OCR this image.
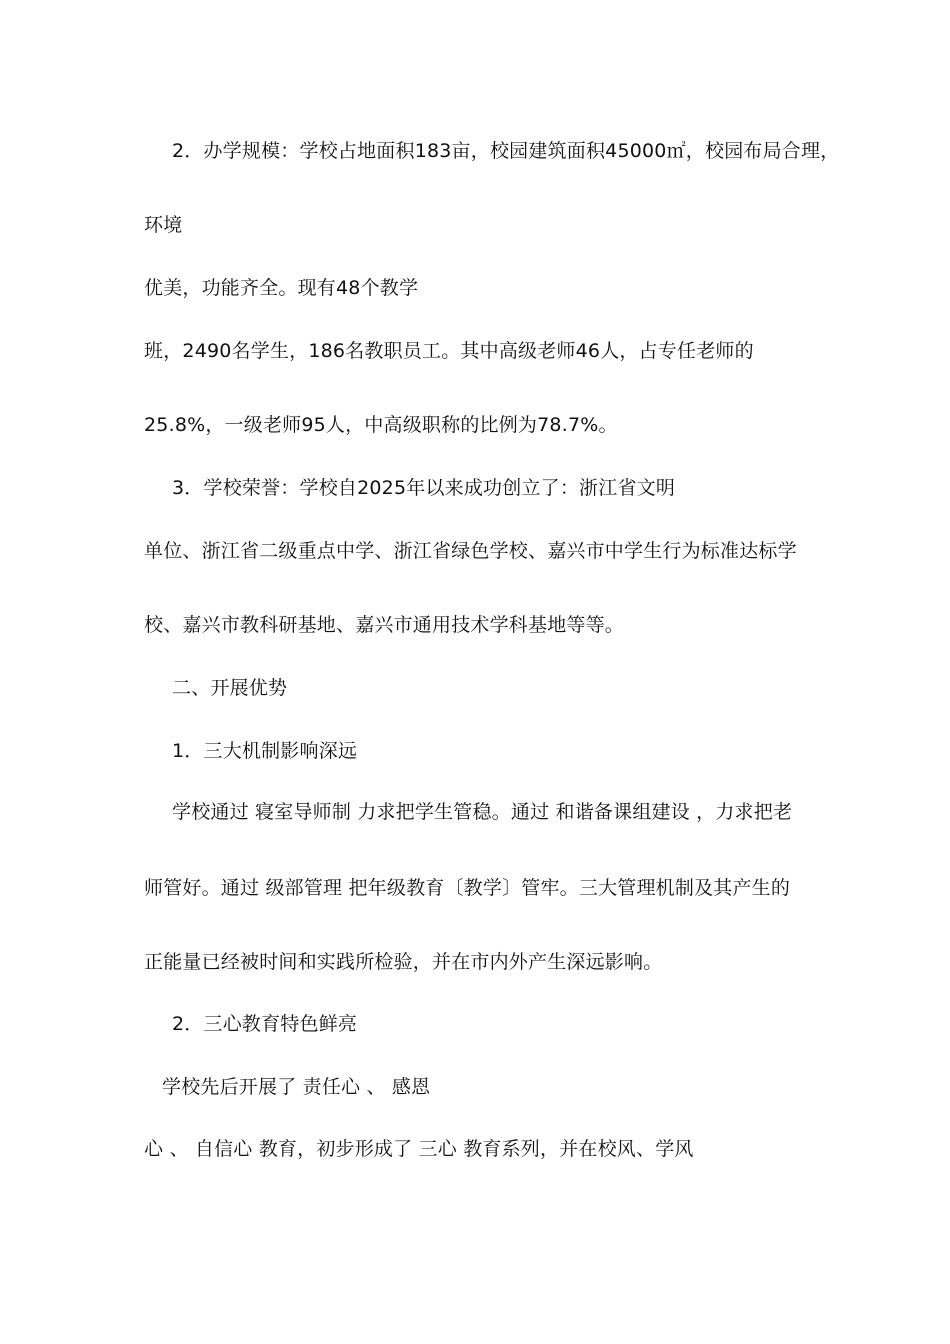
2．办学规模：学校占地面积183亩，校园建筑面积45000㎡，校园布局合理，
环境
优美，功能齐全。现有48个教学
班，2490名学生，186名教职员工。其中高级老师46人，占专任老师的
25.8%，一级老师95人，中高级职称的比例为78.7%。
3．学校荣誉：学校自2025年以来成功创立了：浙江省文明
单位、浙江省二级重点中学、浙江省绿色学校、嘉兴市中学生行为标准达标学
校、嘉兴市教科研基地、嘉兴市通用技术学科基地等等。
二、开展优势
1．三大机制影响深远
学校通过 寝室导师制 力求把学生管稳。通过 和谐备课组建设 ，力求把老
师管好。通过 级部管理 把年级教育〔教学〕管牢。三大管理机制及其产生的
正能量已经被时间和实践所检验，并在市内外产生深远影响。
2．三心教育特色鲜亮
学校先后开展了 责任心 、 感恩
心 、 自信心 教育，初步形成了 三心 教育系列，并在校风、学风
